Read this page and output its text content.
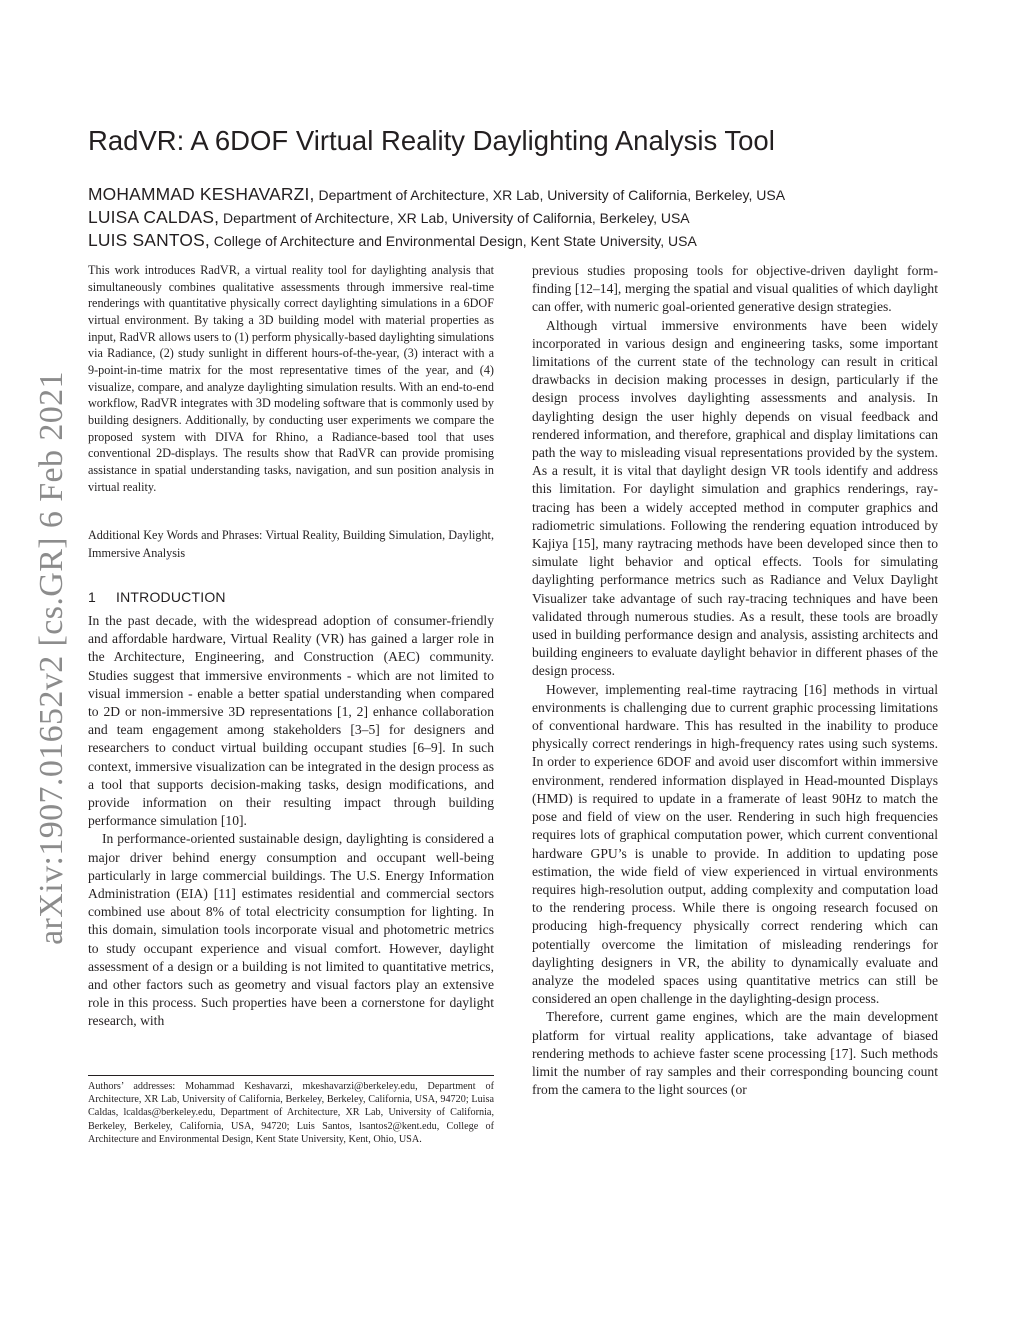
arXiv:1907.01652v2 [cs.GR] 6 Feb 2021
RadVR: A 6DOF Virtual Reality Daylighting Analysis Tool
MOHAMMAD KESHAVARZI, Department of Architecture, XR Lab, University of California, Berkeley, USA
LUISA CALDAS, Department of Architecture, XR Lab, University of California, Berkeley, USA
LUIS SANTOS, College of Architecture and Environmental Design, Kent State University, USA

This work introduces RadVR, a virtual reality tool for daylighting analysis that simultaneously combines qualitative assessments through immersive real-time renderings with quantitative physically correct daylighting simulations in a 6DOF virtual environment. By taking a 3D building model with material properties as input, RadVR allows users to (1) perform physically-based daylighting simulations via Radiance, (2) study sunlight in different hours-of-the-year, (3) interact with a 9-point-in-time matrix for the most representative times of the year, and (4) visualize, compare, and analyze daylighting simulation results. With an end-to-end workflow, RadVR integrates with 3D modeling software that is commonly used by building designers. Additionally, by conducting user experiments we compare the proposed system with DIVA for Rhino, a Radiance-based tool that uses conventional 2D-displays. The results show that RadVR can provide promising assistance in spatial understanding tasks, navigation, and sun position analysis in virtual reality.

Additional Key Words and Phrases: Virtual Reality, Building Simulation, Daylight, Immersive Analysis

1 INTRODUCTION

In the past decade, with the widespread adoption of consumer-friendly and affordable hardware, Virtual Reality (VR) has gained a larger role in the Architecture, Engineering, and Construction (AEC) community. Studies suggest that immersive environments - which are not limited to visual immersion - enable a better spatial understanding when compared to 2D or non-immersive 3D representations [1, 2] enhance collaboration and team engagement among stakeholders [3–5] for designers and researchers to conduct virtual building occupant studies [6–9]. In such context, immersive visualization can be integrated in the design process as a tool that supports decision-making tasks, design modifications, and provide information on their resulting impact through building performance simulation [10].

In performance-oriented sustainable design, daylighting is considered a major driver behind energy consumption and occupant well-being particularly in large commercial buildings. The U.S. Energy Information Administration (EIA) [11] estimates residential and commercial sectors combined use about 8% of total electricity consumption for lighting. In this domain, simulation tools incorporate visual and photometric metrics to study occupant experience and visual comfort. However, daylight assessment of a design or a building is not limited to quantitative metrics, and other factors such as geometry and visual factors play an extensive role in this process. Such properties have been a cornerstone for daylight research, with

previous studies proposing tools for objective-driven daylight form-finding [12–14], merging the spatial and visual qualities of which daylight can offer, with numeric goal-oriented generative design strategies.

Although virtual immersive environments have been widely incorporated in various design and engineering tasks, some important limitations of the current state of the technology can result in critical drawbacks in decision making processes in design, particularly if the design process involves daylighting assessments and analysis. In daylighting design the user highly depends on visual feedback and rendered information, and therefore, graphical and display limitations can path the way to misleading visual representations provided by the system. As a result, it is vital that daylight design VR tools identify and address this limitation. For daylight simulation and graphics renderings, ray-tracing has been a widely accepted method in computer graphics and radiometric simulations. Following the rendering equation introduced by Kajiya [15], many raytracing methods have been developed since then to simulate light behavior and optical effects. Tools for simulating daylighting performance metrics such as Radiance and Velux Daylight Visualizer take advantage of such ray-tracing techniques and have been validated through numerous studies. As a result, these tools are broadly used in building performance design and analysis, assisting architects and building engineers to evaluate daylight behavior in different phases of the design process.

However, implementing real-time raytracing [16] methods in virtual environments is challenging due to current graphic processing limitations of conventional hardware. This has resulted in the inability to produce physically correct renderings in high-frequency rates using such systems. In order to experience 6DOF and avoid user discomfort within immersive environment, rendered information displayed in Head-mounted Displays (HMD) is required to update in a framerate of least 90Hz to match the pose and field of view on the user. Rendering in such high frequencies requires lots of graphical computation power, which current conventional hardware GPU’s is unable to provide. In addition to updating pose estimation, the wide field of view experienced in virtual environments requires high-resolution output, adding complexity and computation load to the rendering process. While there is ongoing research focused on producing high-frequency physically correct rendering which can potentially overcome the limitation of misleading renderings for daylighting designers in VR, the ability to dynamically evaluate and analyze the modeled spaces using quantitative metrics can still be considered an open challenge in the daylighting-design process.

Therefore, current game engines, which are the main development platform for virtual reality applications, take advantage of biased rendering methods to achieve faster scene processing [17]. Such methods limit the number of ray samples and their corresponding bouncing count from the camera to the light sources (or

Authors’ addresses: Mohammad Keshavarzi, mkeshavarzi@berkeley.edu, Department of Architecture, XR Lab, University of California, Berkeley, Berkeley, California, USA, 94720; Luisa Caldas, lcaldas@berkeley.edu, Department of Architecture, XR Lab, University of California, Berkeley, Berkeley, California, USA, 94720; Luis Santos, lsantos2@kent.edu, College of Architecture and Environmental Design, Kent State University, Kent, Ohio, USA.
